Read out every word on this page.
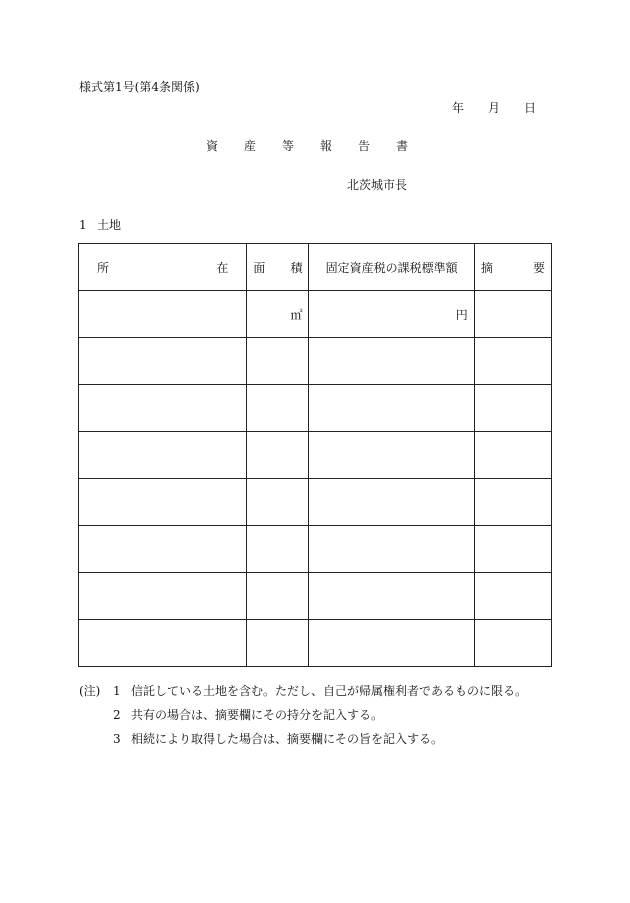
様式第1号(第4条関係)
年 月 日
資 産 等 報 告 書
北茨城市長
1 土地
所 在	面 積	固定資産税の課税標準額	摘 要

	㎡	円	

(注) 1 信託している土地を含む。ただし、自己が帰属権利者であるものに限る。
2 共有の場合は、摘要欄にその持分を記入する。
3 相続により取得した場合は、摘要欄にその旨を記入する。
